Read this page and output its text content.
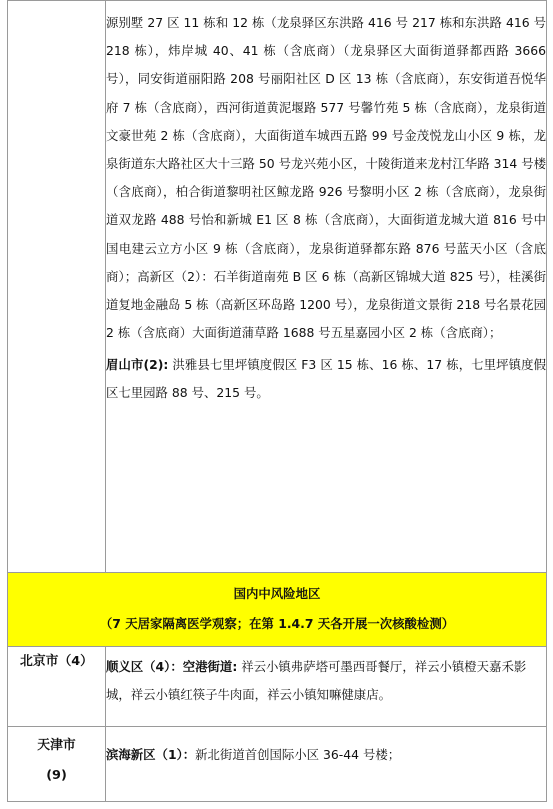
	源别墅 27 区 11 栋和 12 栋（龙泉驿区东洪路 416 号 217 栋和东洪路 416 号 218 栋），炜岸城 40、41 栋（含底商）（龙泉驿区大面街道驿都西路 3666 号），同安街道丽阳路 208 号丽阳社区 D 区 13 栋（含底商），东安街道吾悦华府 7 栋（含底商），西河街道黄泥堰路 577 号馨竹苑 5 栋（含底商），龙泉街道文豪世苑 2 栋（含底商），大面街道车城西五路 99 号金茂悦龙山小区 9 栋，龙泉街道东大路社区大十三路 50 号龙兴苑小区，十陵街道来龙村江华路 314 号楼（含底商），柏合街道黎明社区鲸龙路 926 号黎明小区 2 栋（含底商），龙泉街道双龙路 488 号怡和新城 E1 区 8 栋（含底商），大面街道龙城大道 816 号中国电建云立方小区 9 栋（含底商），龙泉街道驿都东路 876 号蓝天小区（含底商）；高新区（2）：石羊街道南苑 B 区 6 栋（高新区锦城大道 825 号），桂溪街道复地金融岛 5 栋（高新区环岛路 1200 号），龙泉街道文景街 218 号名景花园 2 栋（含底商）大面街道蒲草路 1688 号五星嘉园小区 2 栋（含底商）；
眉山市(2): 洪雅县七里坪镇度假区 F3 区 15 栋、16 栋、17 栋，七里坪镇度假区七里园路 88 号、215 号。

国内中风险地区
（7 天居家隔离医学观察；在第 1.4.7 天各开展一次核酸检测）	

北京市（4）	顺义区（4）：空港街道: 祥云小镇弗萨塔可墨西哥餐厅，祥云小镇橙天嘉禾影城，祥云小镇红筷子牛肉面，祥云小镇知嘛健康店。

天津市
(9)	滨海新区（1）：新北街道首创国际小区 36-44 号楼；
